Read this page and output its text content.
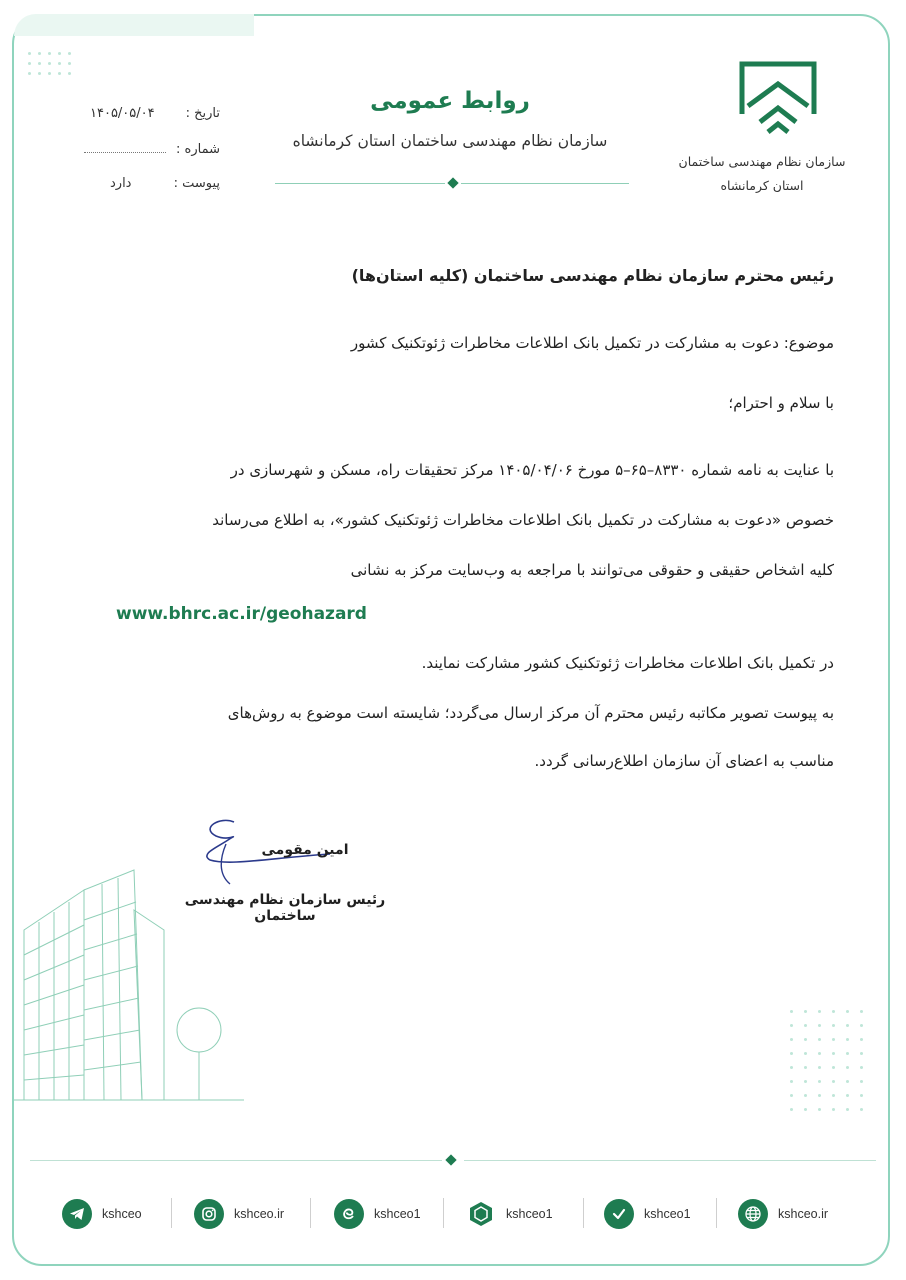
سازمان نظام مهندسی ساختمان
استان کرمانشاه
روابط عمومی
سازمان نظام مهندسی ساختمان استان کرمانشاه
تاریخ :
۱۴۰۵/۰۵/۰۴
شماره :
پیوست :
دارد
رئیس محترم سازمان نظام مهندسی ساختمان (کلیه استان‌ها)
موضوع: دعوت به مشارکت در تکمیل بانک اطلاعات مخاطرات ژئوتکنیک کشور
با سلام و احترام؛
با عنایت به نامه شماره ۸۳۳۰–۶۵–۵ مورخ ۱۴۰۵/۰۴/۰۶ مرکز تحقیقات راه، مسکن و شهرسازی در
خصوص «دعوت به مشارکت در تکمیل بانک اطلاعات مخاطرات ژئوتکنیک کشور»، به اطلاع می‌رساند
کلیه اشخاص حقیقی و حقوقی می‌توانند با مراجعه به وب‌سایت مرکز به نشانی
www.bhrc.ac.ir/geohazard
در تکمیل بانک اطلاعات مخاطرات ژئوتکنیک کشور مشارکت نمایند.
به پیوست تصویر مکاتبه رئیس محترم آن مرکز ارسال می‌گردد؛ شایسته است موضوع به روش‌های
مناسب به اعضای آن سازمان اطلاع‌رسانی گردد.
امین مقومی
رئیس سازمان نظام مهندسی ساختمان
kshceo	kshceo.ir	kshceo1	kshceo1	kshceo1	kshceo.ir
